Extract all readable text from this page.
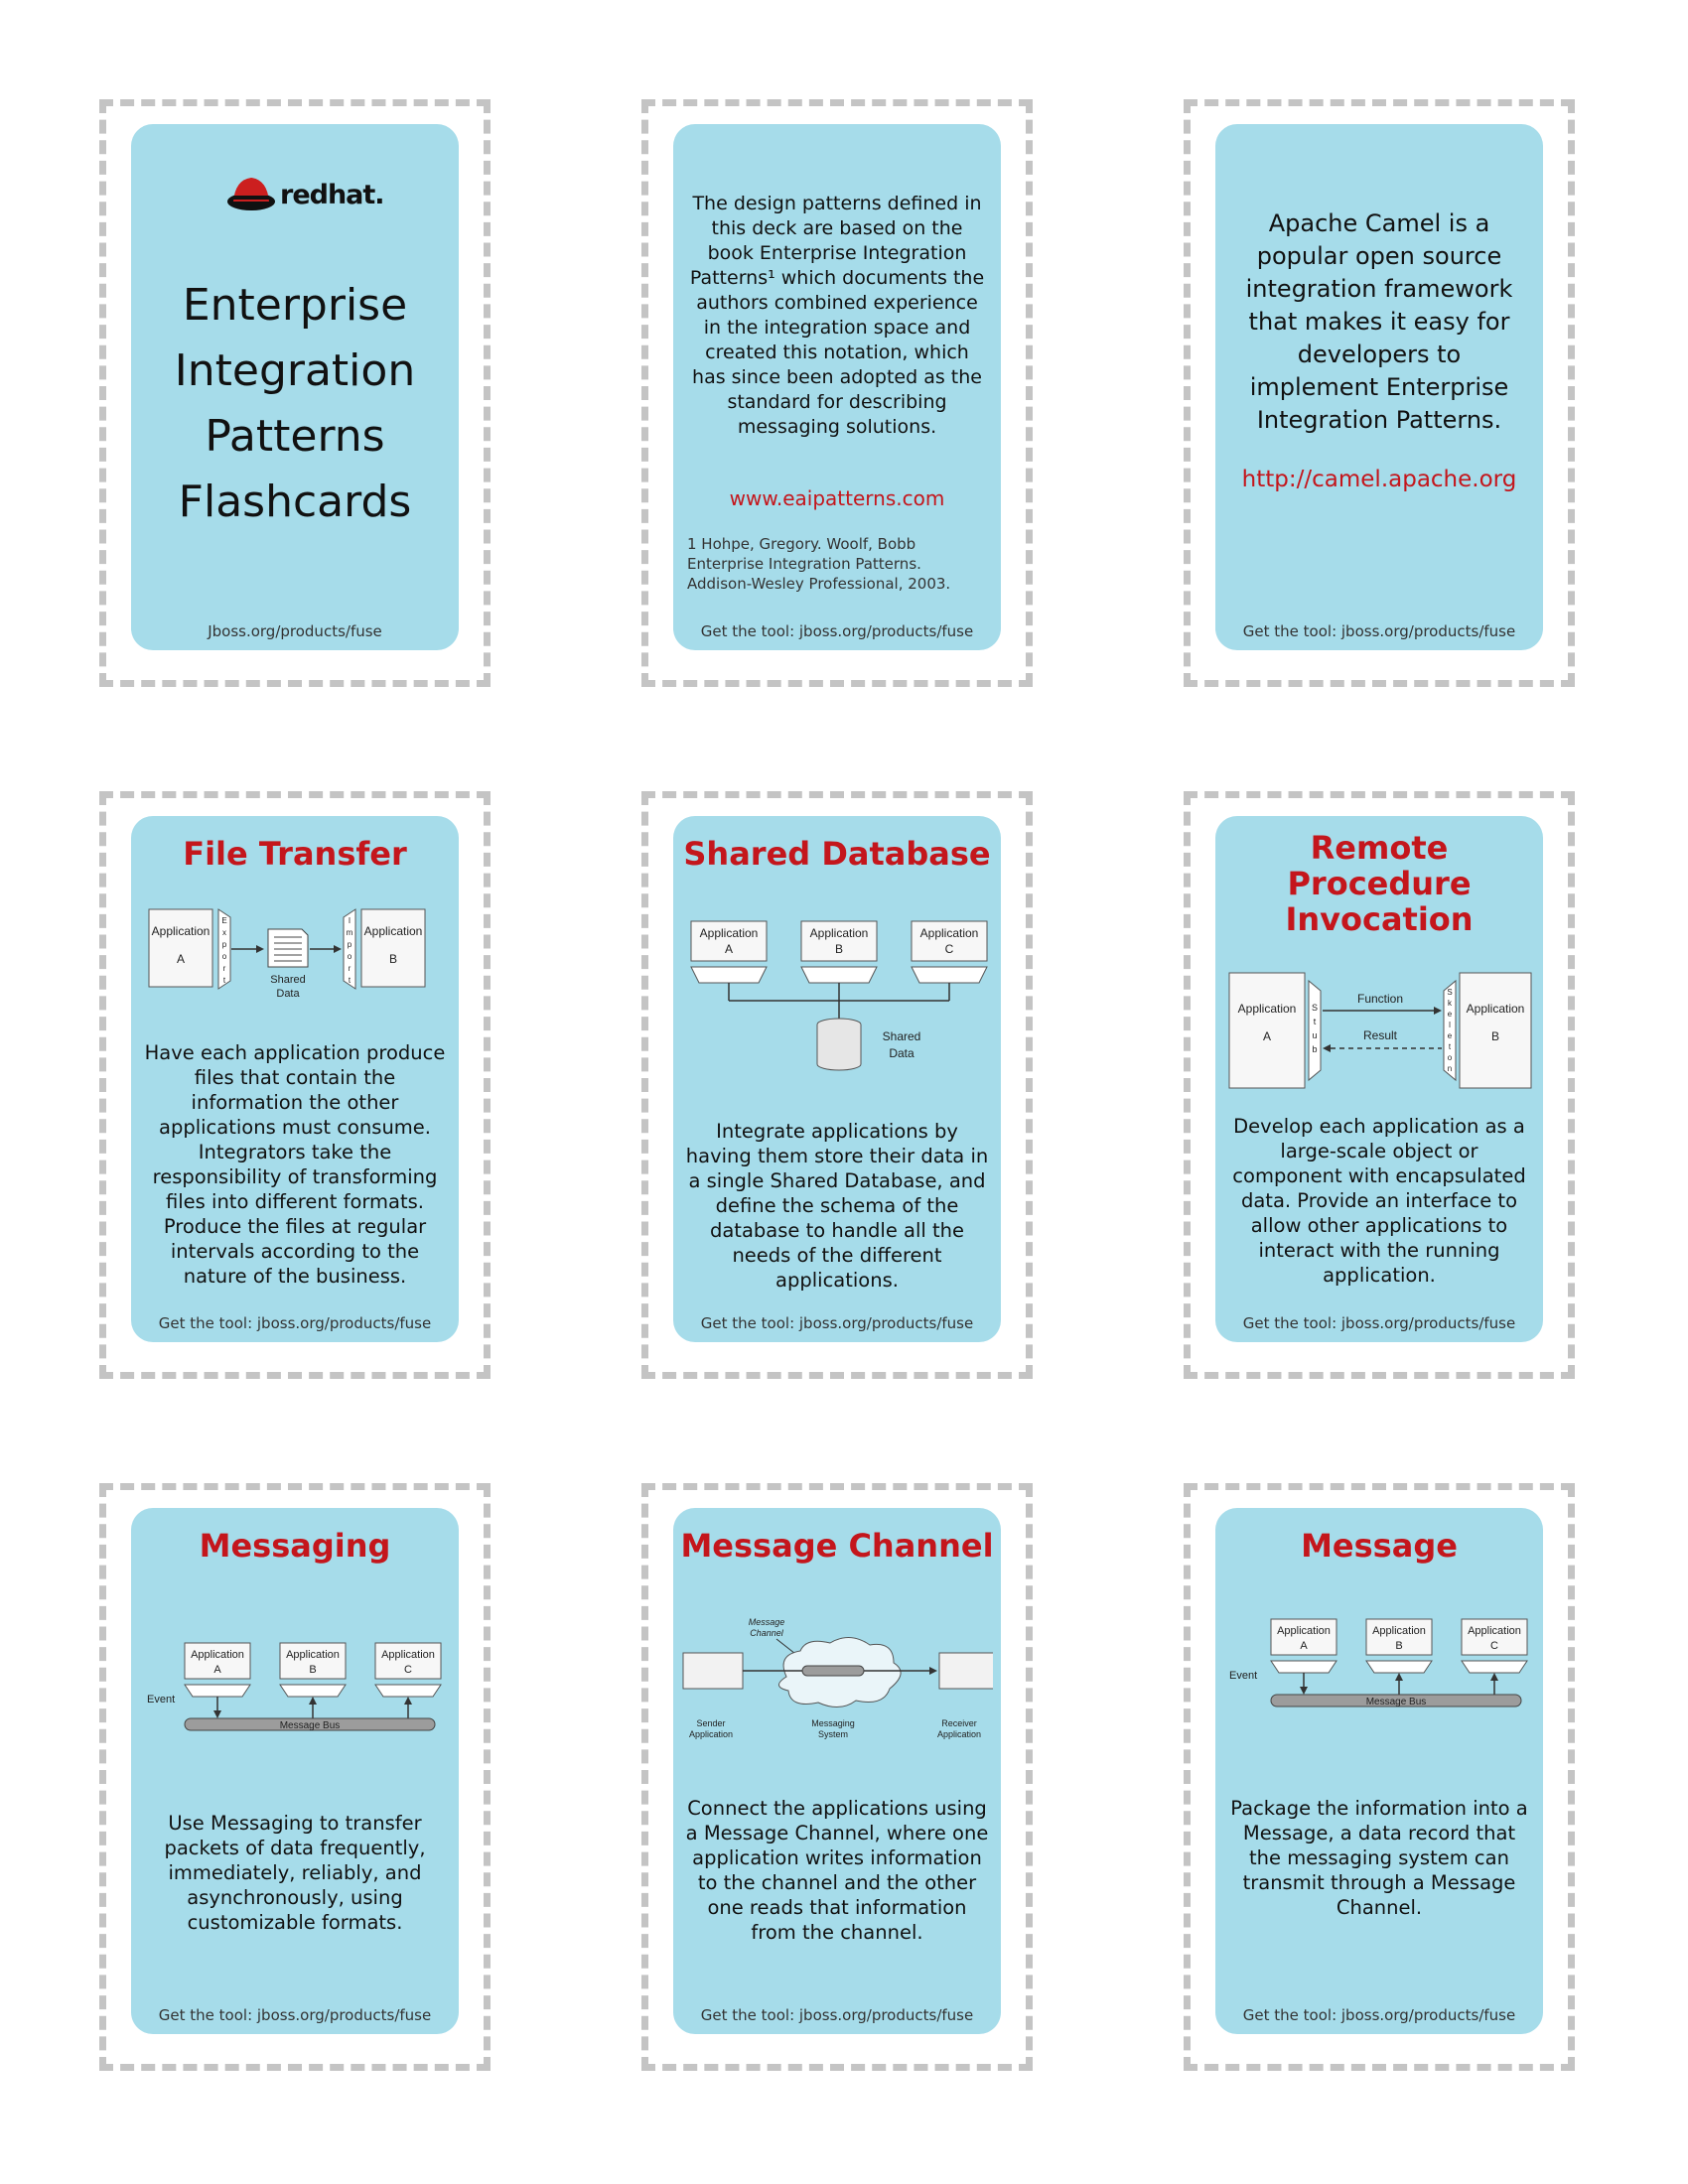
redhat.
Enterprise
Integration
Patterns
Flashcards
Jboss.org/products/fuse
The design patterns defined in this deck are based on the book Enterprise Integration Patterns¹ which documents the authors combined experience in the integration space and created this notation, which has since been adopted as the standard for describing messaging solutions.
www.eaipatterns.com
1 Hohpe, Gregory. Woolf, Bobb Enterprise Integration Patterns. Addison-Wesley Professional, 2003.
Get the tool: jboss.org/products/fuse
Apache Camel is a popular open source integration framework that makes it easy for developers to implement Enterprise Integration Patterns.
http://camel.apache.org
Get the tool: jboss.org/products/fuse
File Transfer
Application
A
E
x
p
o
r
t	Shared
Data
I
m
p
o
r
t
Application
B
Have each application produce files that contain the information the other applications must consume. Integrators take the responsibility of transforming files into different formats. Produce the files at regular intervals according to the nature of the business.
Get the tool: jboss.org/products/fuse
Shared Database
Application
A
Application
B
Application
C
Shared
Data
Integrate applications by having them store their data in a single Shared Database, and define the schema of the database to handle all the needs of the different applications.
Get the tool: jboss.org/products/fuse
Remote Procedure Invocation
Application
A
S
t
u
b
Function
Result
S
k
e
l
e
t
o
n
Application
B
Develop each application as a large-scale object or component with encapsulated data. Provide an interface to allow other applications to interact with the running application.
Get the tool: jboss.org/products/fuse
Messaging
Application
A
Application
B
Application
C
Event
Message Bus
Use Messaging to transfer packets of data frequently, immediately, reliably, and asynchronously, using customizable formats.
Get the tool: jboss.org/products/fuse
Message Channel
Message
Channel
Sender
Application
Messaging
System
Receiver
Application
Connect the applications using a Message Channel, where one application writes information to the channel and the other one reads that information from the channel.
Get the tool: jboss.org/products/fuse
Message
Application
A
Application
B
Application
C
Event
Message Bus
Package the information into a Message, a data record that the messaging system can transmit through a Message Channel.
Get the tool: jboss.org/products/fuse
